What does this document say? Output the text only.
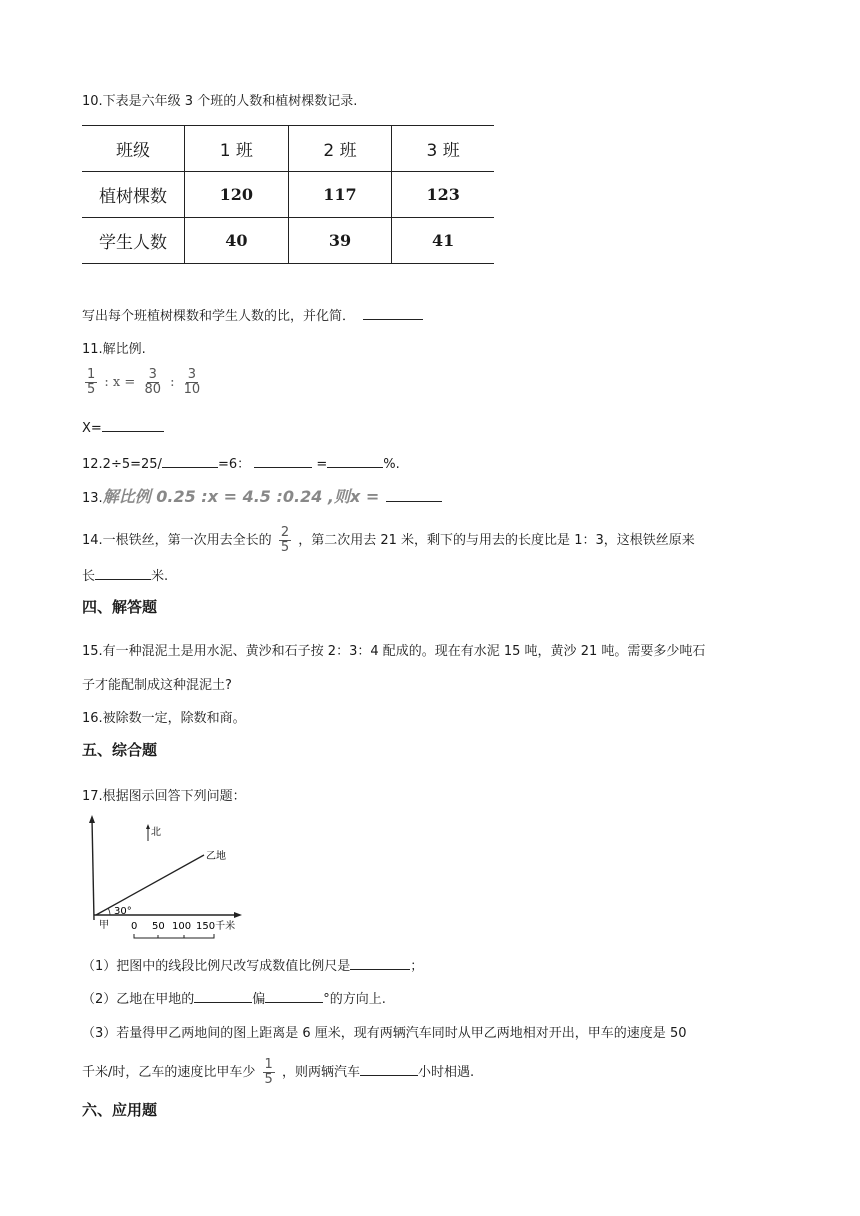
10.下表是六年级 3 个班的人数和植树棵数记录.
班级	1 班	2 班	3 班
植树棵数	120	117	123
学生人数	40	39	41
写出每个班植树棵数和学生人数的比，并化简．
11.解比例.
$\frac{1}{5}$ : $x = \frac{3}{80}$ : $\frac{3}{10}$
X=
12.2÷5=25/	=6：	=	%.
13.解比例 0.25 :x = 4.5 :0.24 ,则x =
14.一根铁丝，第一次用去全长的 $\frac{2}{5}$ ，第二次用去 21 米，剩下的与用去的长度比是 1：3，这根铁丝原来
长	米.
四、解答题
15.有一种混泥土是用水泥、黄沙和石子按 2：3：4 配成的。现在有水泥 15 吨，黄沙 21 吨。需要多少吨石
子才能配制成这种混泥土?
16.被除数一定，除数和商。
五、综合题
17.根据图示回答下列问题：
北
乙地
30°
甲 0 50 100 150千米
（1）把图中的线段比例尺改写成数值比例尺是	；
（2）乙地在甲地的	偏	°的方向上.
（3）若量得甲乙两地间的图上距离是 6 厘米，现有两辆汽车同时从甲乙两地相对开出，甲车的速度是 50
千米/时，乙车的速度比甲车少 $\frac{1}{5}$ ，则两辆汽车	小时相遇.
六、应用题
